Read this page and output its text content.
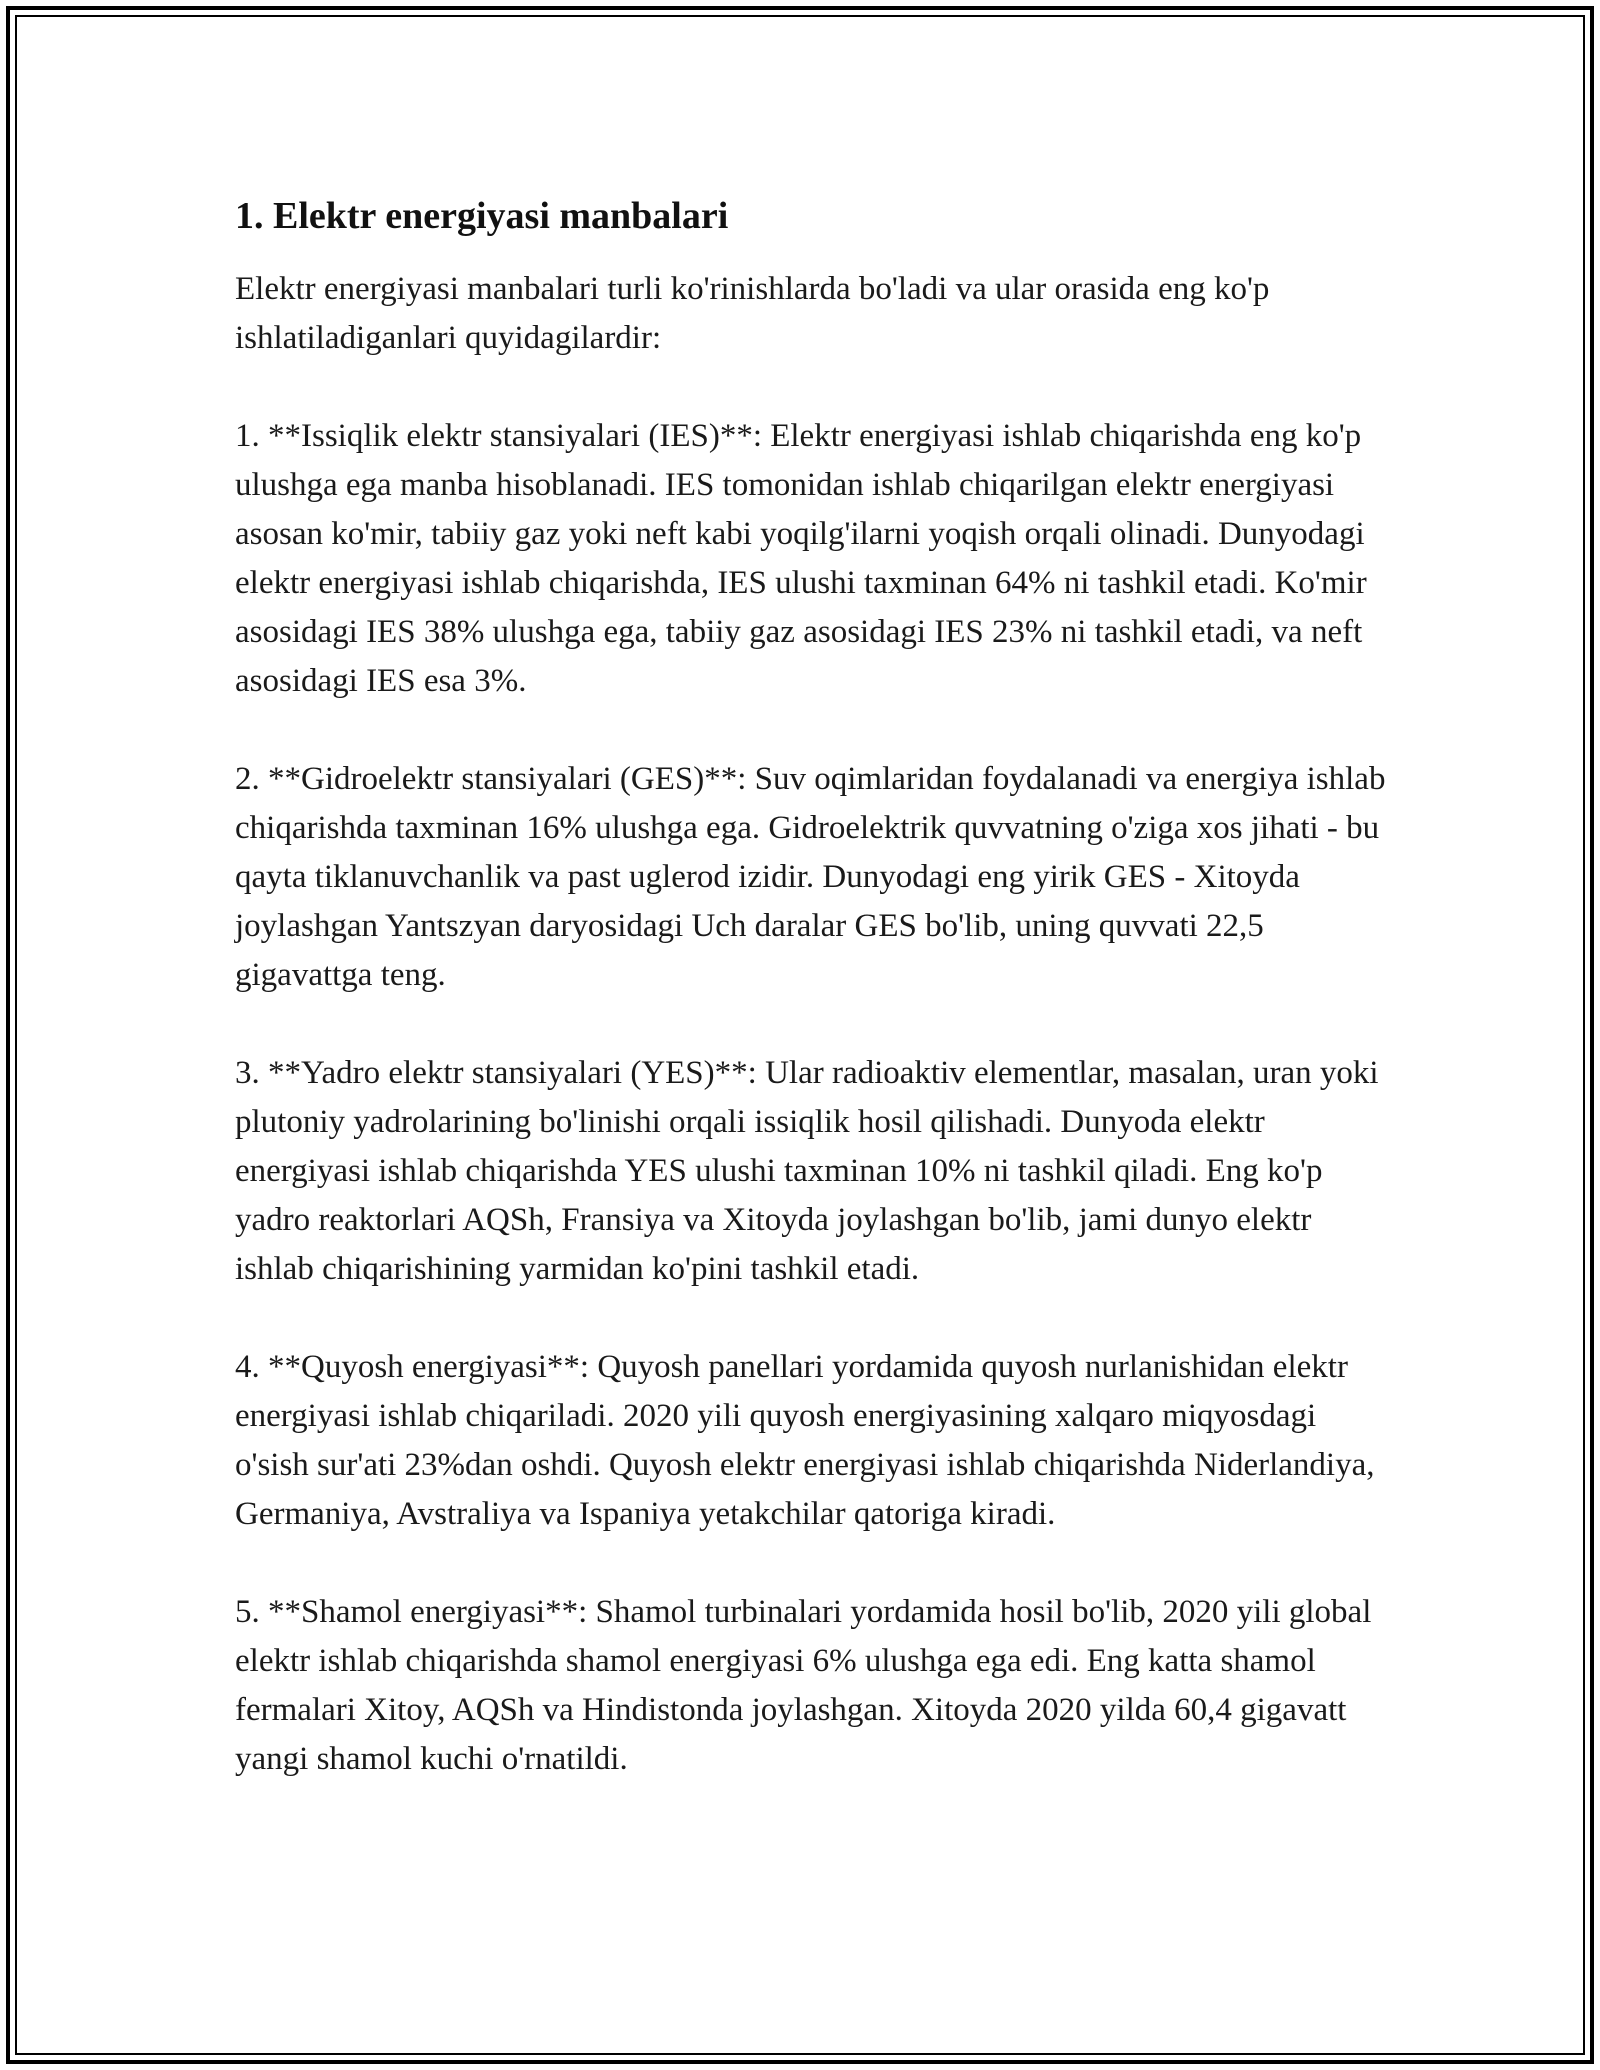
1. Elektr energiyasi manbalari

Elektr energiyasi manbalari turli ko'rinishlarda bo'ladi va ular orasida eng ko'p ishlatiladiganlari quyidagilardir:

1. **Issiqlik elektr stansiyalari (IES)**: Elektr energiyasi ishlab chiqarishda eng ko'p ulushga ega manba hisoblanadi. IES tomonidan ishlab chiqarilgan elektr energiyasi asosan ko'mir, tabiiy gaz yoki neft kabi yoqilg'ilarni yoqish orqali olinadi. Dunyodagi elektr energiyasi ishlab chiqarishda, IES ulushi taxminan 64% ni tashkil etadi. Ko'mir asosidagi IES 38% ulushga ega, tabiiy gaz asosidagi IES 23% ni tashkil etadi, va neft asosidagi IES esa 3%.

2. **Gidroelektr stansiyalari (GES)**: Suv oqimlaridan foydalanadi va energiya ishlab chiqarishda taxminan 16% ulushga ega. Gidroelektrik quvvatning o'ziga xos jihati - bu qayta tiklanuvchanlik va past uglerod izidir. Dunyodagi eng yirik GES - Xitoyda joylashgan Yantszyan daryosidagi Uch daralar GES bo'lib, uning quvvati 22,5 gigavattga teng.

3. **Yadro elektr stansiyalari (YES)**: Ular radioaktiv elementlar, masalan, uran yoki plutoniy yadrolarining bo'linishi orqali issiqlik hosil qilishadi. Dunyoda elektr energiyasi ishlab chiqarishda YES ulushi taxminan 10% ni tashkil qiladi. Eng ko'p yadro reaktorlari AQSh, Fransiya va Xitoyda joylashgan bo'lib, jami dunyo elektr ishlab chiqarishining yarmidan ko'pini tashkil etadi.

4. **Quyosh energiyasi**: Quyosh panellari yordamida quyosh nurlanishidan elektr energiyasi ishlab chiqariladi. 2020 yili quyosh energiyasining xalqaro miqyosdagi o'sish sur'ati 23%dan oshdi. Quyosh elektr energiyasi ishlab chiqarishda Niderlandiya, Germaniya, Avstraliya va Ispaniya yetakchilar qatoriga kiradi.

5. **Shamol energiyasi**: Shamol turbinalari yordamida hosil bo'lib, 2020 yili global elektr ishlab chiqarishda shamol energiyasi 6% ulushga ega edi. Eng katta shamol fermalari Xitoy, AQSh va Hindistonda joylashgan. Xitoyda 2020 yilda 60,4 gigavatt yangi shamol kuchi o'rnatildi.
